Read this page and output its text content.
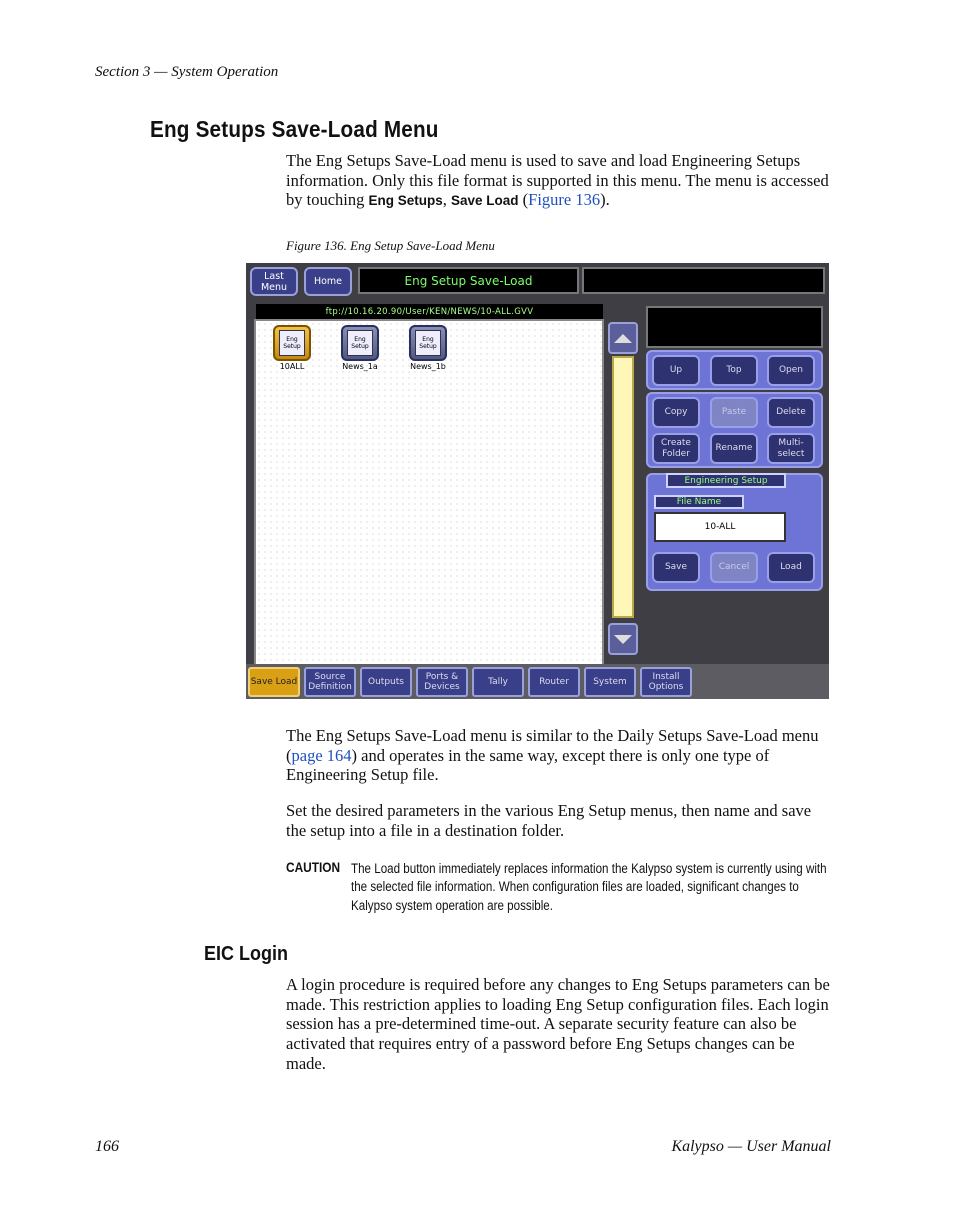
Section 3 — System Operation
Eng Setups Save-Load Menu
The Eng Setups Save-Load menu is used to save and load Engineering Setups information. Only this file format is supported in this menu. The menu is accessed by touching Eng Setups, Save Load (Figure 136).
Figure 136. Eng Setup Save-Load Menu
Last Menu	Home	Eng Setup Save-Load
ftp://10.16.20.90/User/KEN/NEWS/10-ALL.GVV
Eng Setup
10ALL
Eng Setup
News_1a
Eng Setup
News_1b	Up	Top	Open
Copy	Paste	Delete
Create Folder
Rename
Multi- select
Engineering Setup
File Name
10-ALL
Save	Cancel	Load
Save Load
Source Definition
Outputs
Ports & Devices
Tally	Router	System
Install Options
The Eng Setups Save-Load menu is similar to the Daily Setups Save-Load menu (page 164) and operates in the same way, except there is only one type of Engineering Setup file.
Set the desired parameters in the various Eng Setup menus, then name and save the setup into a file in a destination folder.
CAUTION The Load button immediately replaces information the Kalypso system is currently using with the selected file information. When configuration files are loaded, significant changes to Kalypso system operation are possible.
EIC Login
A login procedure is required before any changes to Eng Setups parameters can be made. This restriction applies to loading Eng Setup configuration files. Each login session has a pre-determined time-out. A separate security feature can also be activated that requires entry of a password before Eng Setups changes can be made.
166	Kalypso — User Manual
